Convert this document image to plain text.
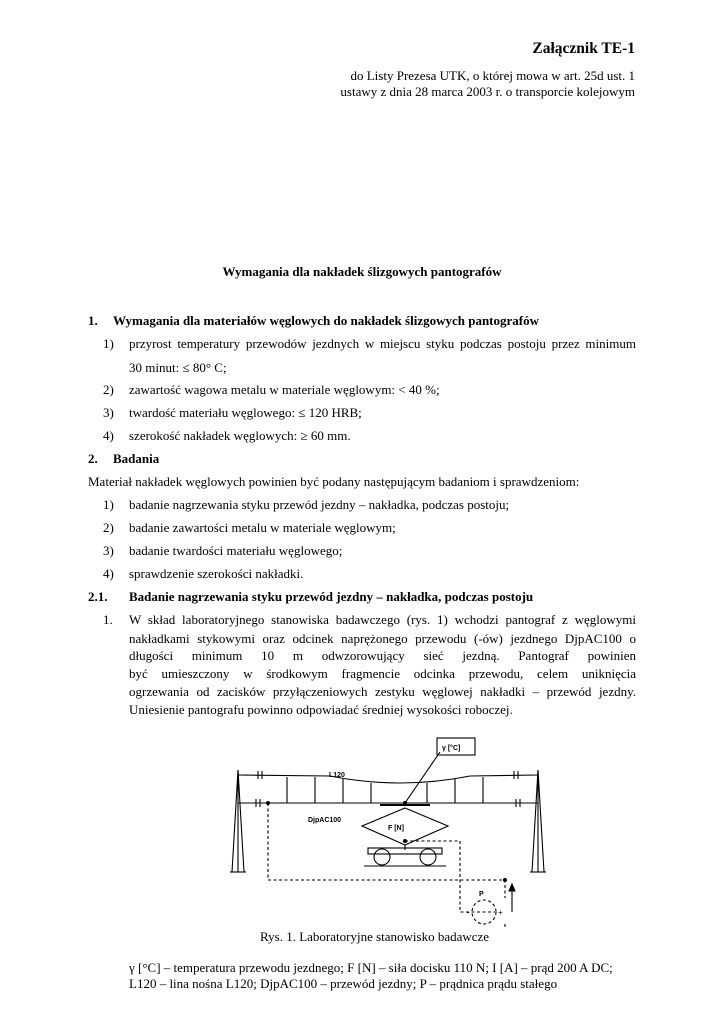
Załącznik TE-1
do Listy Prezesa UTK, o której mowa w art. 25d ust. 1
ustawy z dnia 28 marca 2003 r. o transporcie kolejowym
Wymagania dla nakładek ślizgowych pantografów
1. Wymagania dla materiałów węglowych do nakładek ślizgowych pantografów
1) przyrost temperatury przewodów jezdnych w miejscu styku podczas postoju przez minimum
30 minut: ≤ 80° C;
2) zawartość wagowa metalu w materiale węglowym: < 40 %;
3) twardość materiału węglowego: ≤ 120 HRB;
4) szerokość nakładek węglowych: ≥ 60 mm.
2. Badania
Materiał nakładek węglowych powinien być podany następującym badaniom i sprawdzeniom:
1) badanie nagrzewania styku przewód jezdny – nakładka, podczas postoju;
2) badanie zawartości metalu w materiale węglowym;
3) badanie twardości materiału węglowego;
4) sprawdzenie szerokości nakładki.
2.1. Badanie nagrzewania styku przewód jezdny – nakładka, podczas postoju
1. W skład laboratoryjnego stanowiska badawczego (rys. 1) wchodzi pantograf z węglowymi
nakładkami stykowymi oraz odcinek naprężonego przewodu (-ów) jezdnego DjpAC100 o
długości minimum 10 m odwzorowujący sieć jezdną. Pantograf powinien
być umieszczony w środkowym fragmencie odcinka przewodu, celem uniknięcia
ogrzewania od zacisków przyłączeniowych zestyku węglowej nakładki – przewód jezdny.
Uniesienie pantografu powinno odpowiadać średniej wysokości roboczej.
γ [°C]
L120
DjpAC100
F [N]
P
-	+
Rys. 1. Laboratoryjne stanowisko badawcze
γ [°C] – temperatura przewodu jezdnego; F [N] – siła docisku 110 N; I [A] – prąd 200 A DC;
L120 – lina nośna L120; DjpAC100 – przewód jezdny; P – prądnica prądu stałego
